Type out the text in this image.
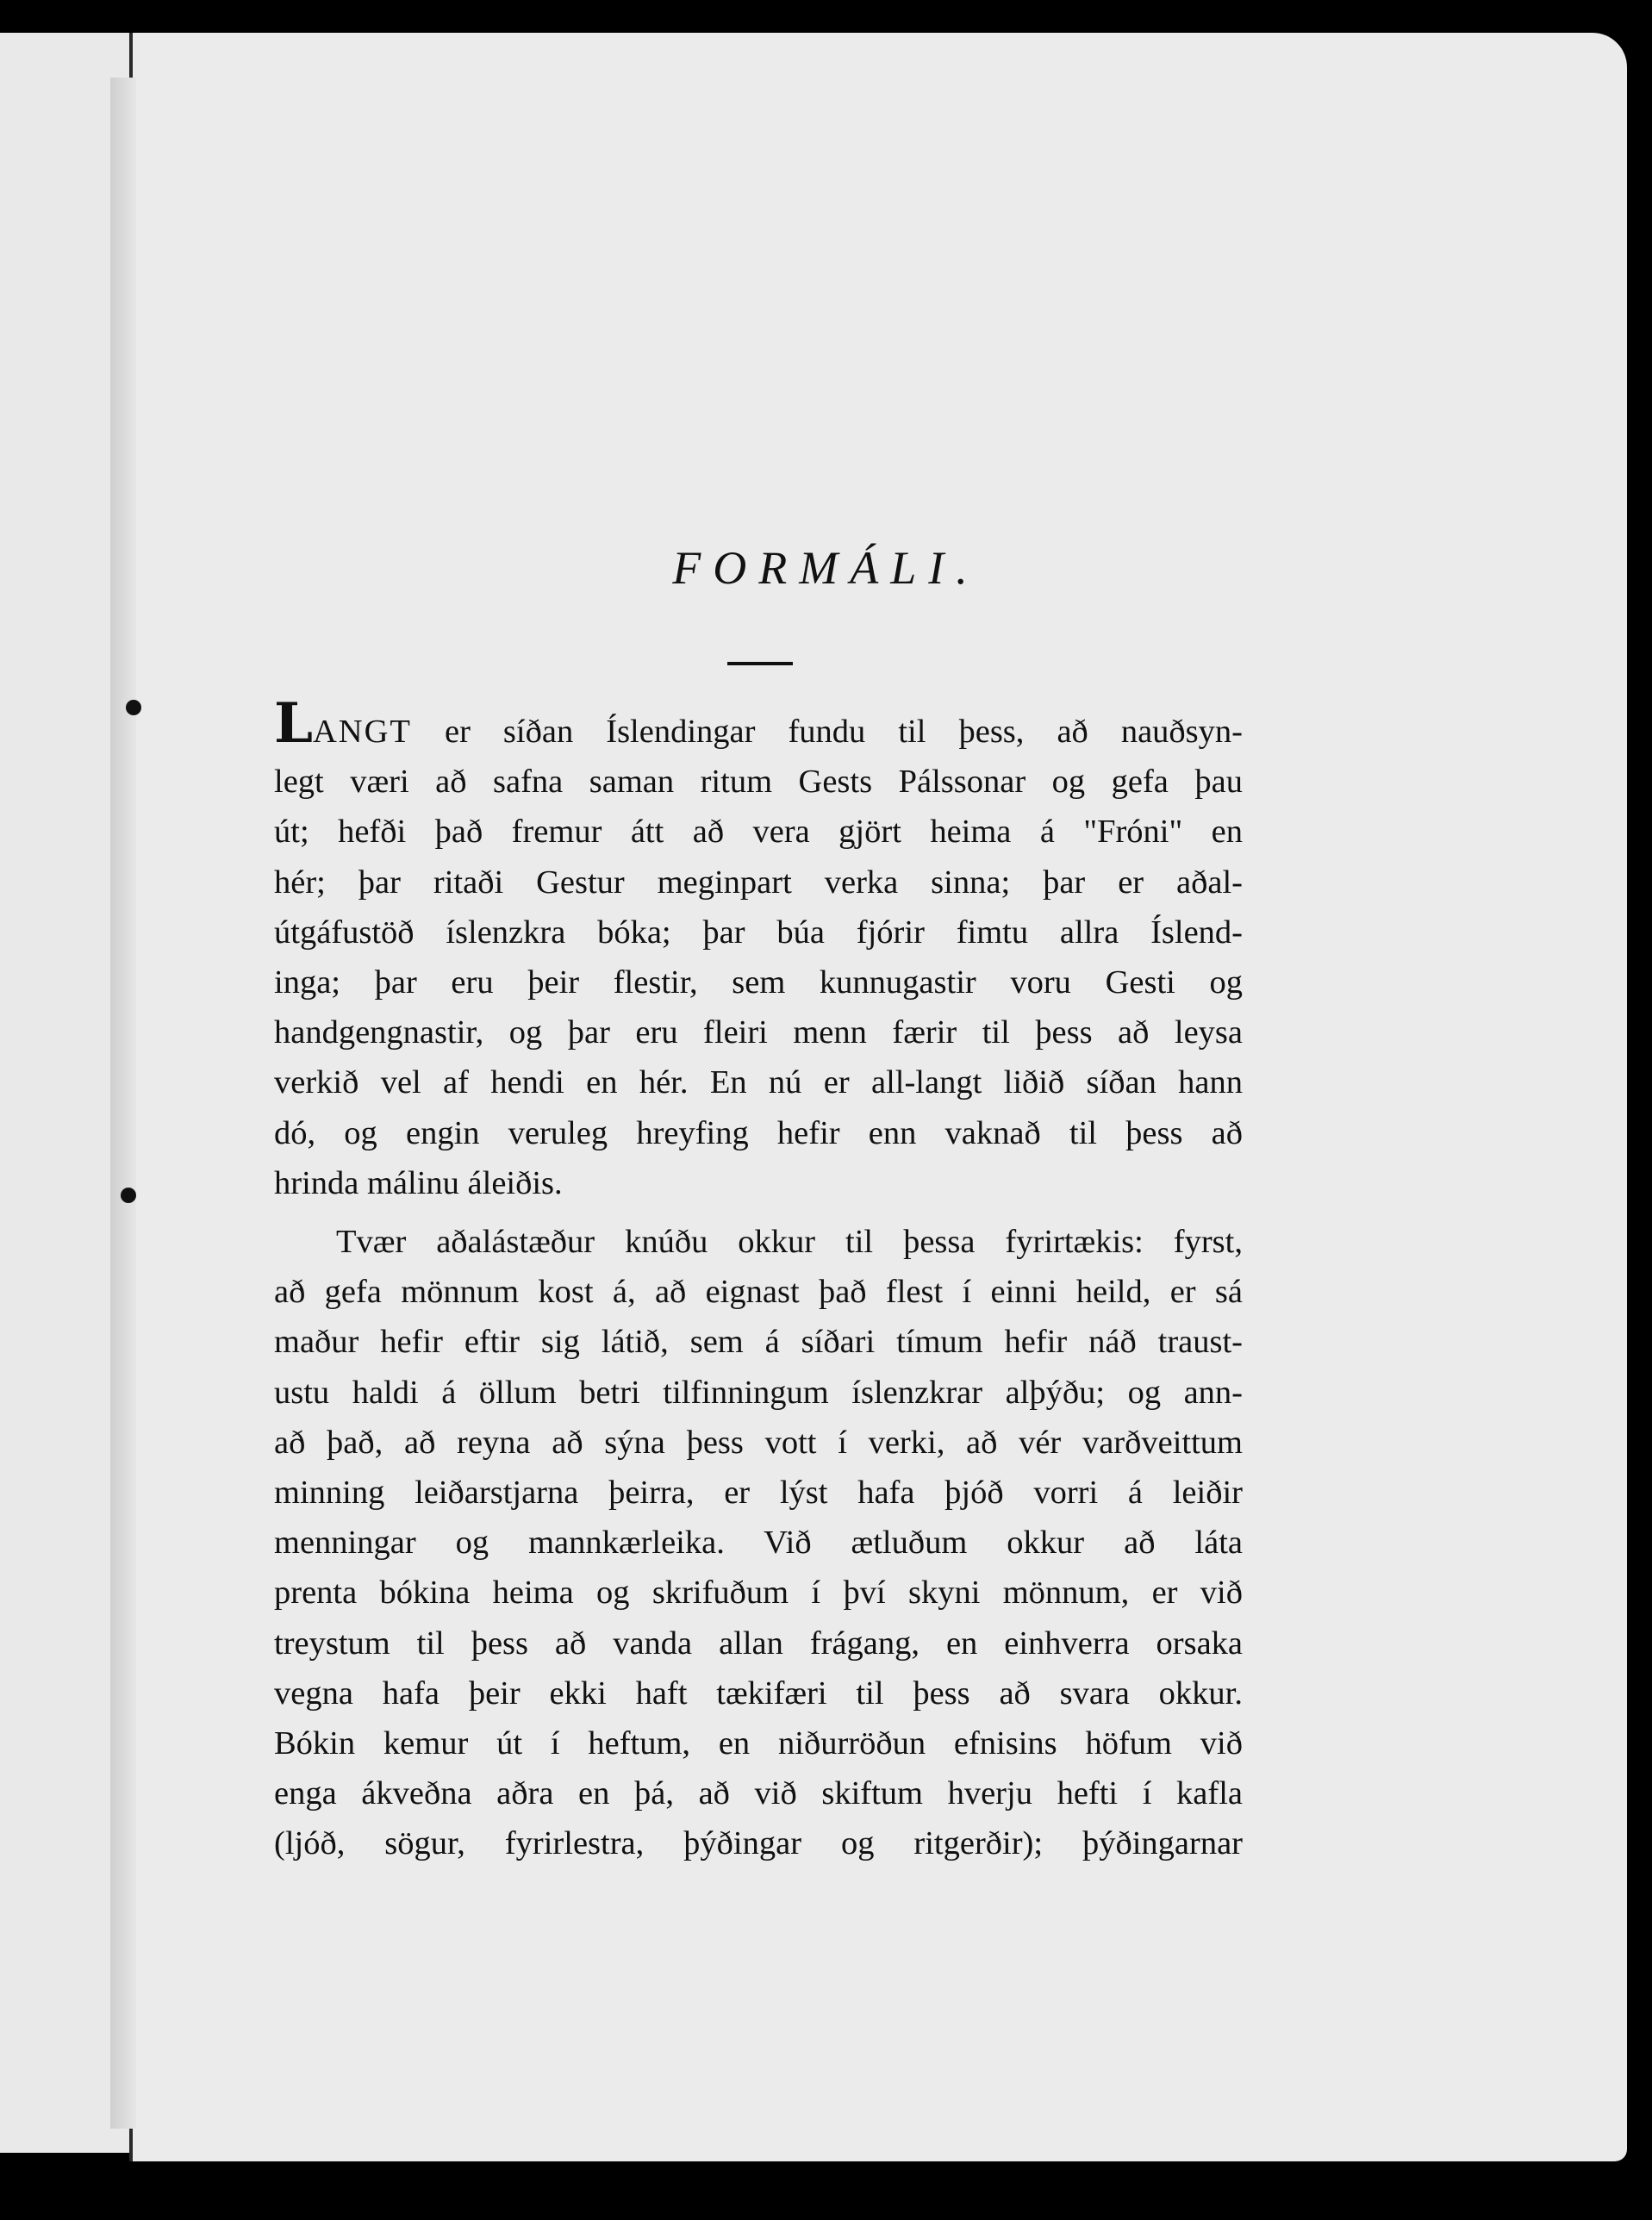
FORMÁLI.
LANGT er síðan Íslendingar fundu til þess, að nauðsyn-
legt væri að safna saman ritum Gests Pálssonar og gefa þau
út; hefði það fremur átt að vera gjört heima á "Fróni" en
hér; þar ritaði Gestur meginpart verka sinna; þar er aðal-
útgáfustöð íslenzkra bóka; þar búa fjórir fimtu allra Íslend-
inga; þar eru þeir flestir, sem kunnugastir voru Gesti og
handgengnastir, og þar eru fleiri menn færir til þess að leysa
verkið vel af hendi en hér. En nú er all-langt liðið síðan hann
dó, og engin veruleg hreyfing hefir enn vaknað til þess að
hrinda málinu áleiðis.
Tvær aðalástæður knúðu okkur til þessa fyrirtækis: fyrst,
að gefa mönnum kost á, að eignast það flest í einni heild, er sá
maður hefir eftir sig látið, sem á síðari tímum hefir náð traust-
ustu haldi á öllum betri tilfinningum íslenzkrar alþýðu; og ann-
að það, að reyna að sýna þess vott í verki, að vér varðveittum
minning leiðarstjarna þeirra, er lýst hafa þjóð vorri á leiðir
menningar og mannkærleika. Við ætluðum okkur að láta
prenta bókina heima og skrifuðum í því skyni mönnum, er við
treystum til þess að vanda allan frágang, en einhverra orsaka
vegna hafa þeir ekki haft tækifæri til þess að svara okkur.
Bókin kemur út í heftum, en niðurröðun efnisins höfum við
enga ákveðna aðra en þá, að við skiftum hverju hefti í kafla
(ljóð, sögur, fyrirlestra, þýðingar og ritgerðir); þýðingarnar
